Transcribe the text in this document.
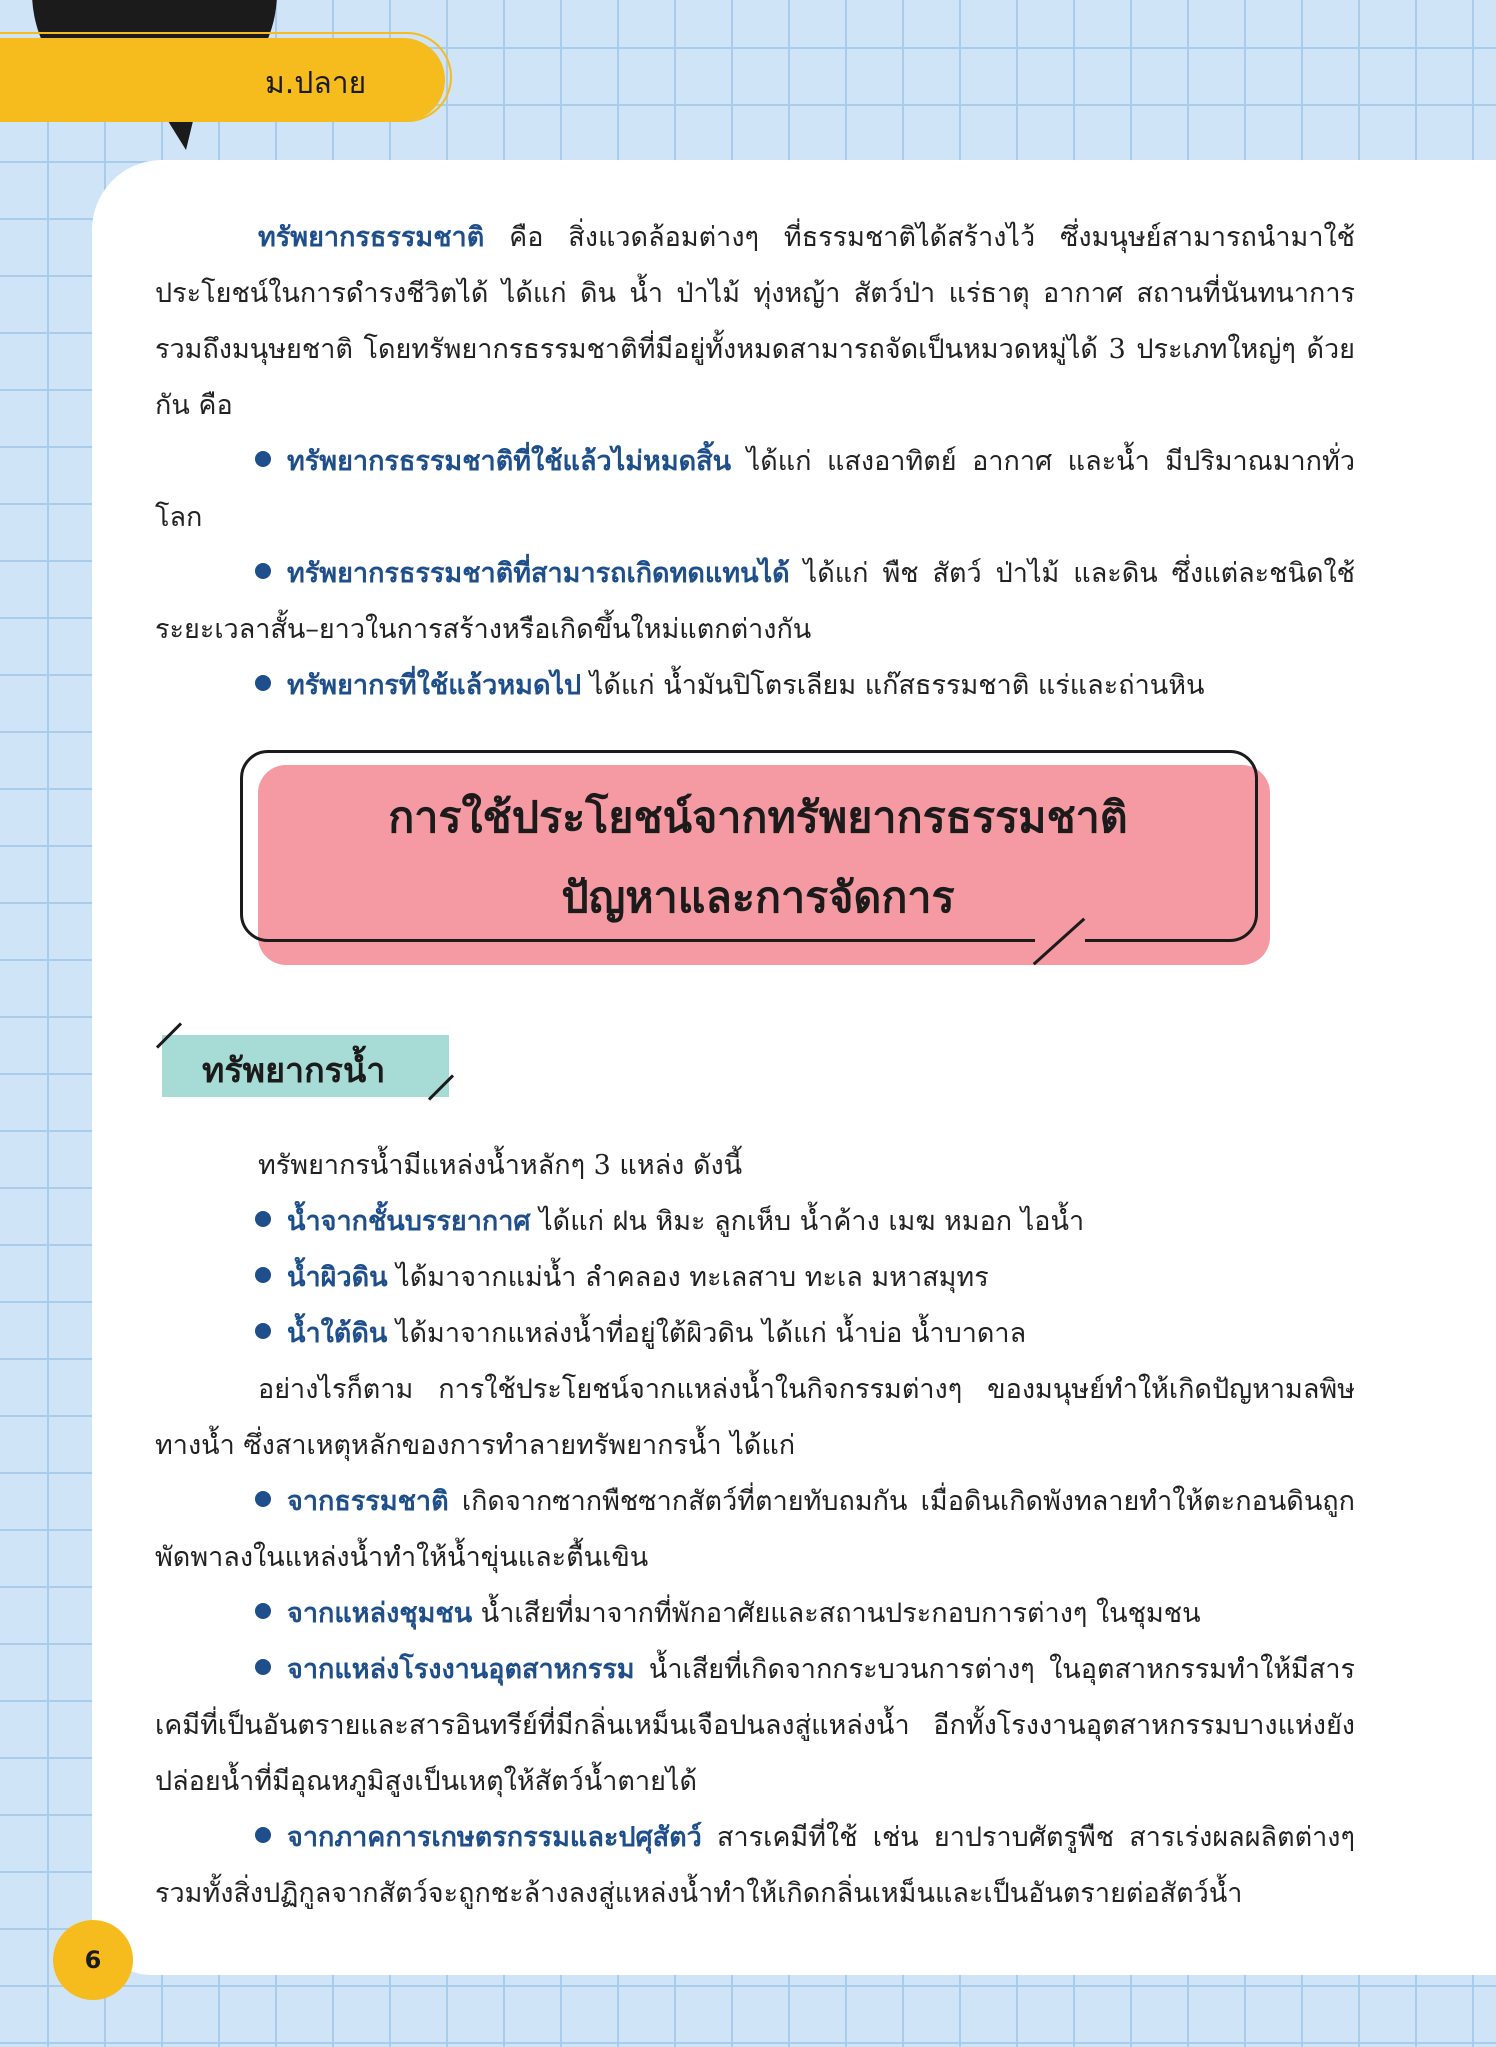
BIOLOGY ม.ปลาย

ทรัพยากรธรรมชาติ คือ สิ่งแวดล้อมต่างๆ ที่ธรรมชาติได้สร้างไว้ ซึ่งมนุษย์สามารถนำมาใช้ประโยชน์ในการดำรงชีวิตได้ ได้แก่ ดิน น้ำ ป่าไม้ ทุ่งหญ้า สัตว์ป่า แร่ธาตุ อากาศ สถานที่นันทนาการ รวมถึงมนุษยชาติ โดยทรัพยากรธรรมชาติที่มีอยู่ทั้งหมดสามารถจัดเป็นหมวดหมู่ได้ 3 ประเภทใหญ่ๆ ด้วยกัน คือ

ทรัพยากรธรรมชาติที่ใช้แล้วไม่หมดสิ้น ได้แก่ แสงอาทิตย์ อากาศ และน้ำ มีปริมาณมากทั่วโลก

ทรัพยากรธรรมชาติที่สามารถเกิดทดแทนได้ ได้แก่ พืช สัตว์ ป่าไม้ และดิน ซึ่งแต่ละชนิดใช้ระยะเวลาสั้น–ยาวในการสร้างหรือเกิดขึ้นใหม่แตกต่างกัน

ทรัพยากรที่ใช้แล้วหมดไป ได้แก่ น้ำมันปิโตรเลียม แก๊สธรรมชาติ แร่และถ่านหิน

การใช้ประโยชน์จากทรัพยากรธรรมชาติ
ปัญหาและการจัดการ
ทรัพยากรน้ำ

ทรัพยากรน้ำมีแหล่งน้ำหลักๆ 3 แหล่ง ดังนี้

น้ำจากชั้นบรรยากาศ ได้แก่ ฝน หิมะ ลูกเห็บ น้ำค้าง เมฆ หมอก ไอน้ำ

น้ำผิวดิน ได้มาจากแม่น้ำ ลำคลอง ทะเลสาบ ทะเล มหาสมุทร

น้ำใต้ดิน ได้มาจากแหล่งน้ำที่อยู่ใต้ผิวดิน ได้แก่ น้ำบ่อ น้ำบาดาล

อย่างไรก็ตาม การใช้ประโยชน์จากแหล่งน้ำในกิจกรรมต่างๆ ของมนุษย์ทำให้เกิดปัญหามลพิษทางน้ำ ซึ่งสาเหตุหลักของการทำลายทรัพยากรน้ำ ได้แก่

จากธรรมชาติ เกิดจากซากพืชซากสัตว์ที่ตายทับถมกัน เมื่อดินเกิดพังทลายทำให้ตะกอนดินถูกพัดพาลงในแหล่งน้ำทำให้น้ำขุ่นและตื้นเขิน

จากแหล่งชุมชน น้ำเสียที่มาจากที่พักอาศัยและสถานประกอบการต่างๆ ในชุมชน

จากแหล่งโรงงานอุตสาหกรรม น้ำเสียที่เกิดจากกระบวนการต่างๆ ในอุตสาหกรรมทำให้มีสารเคมีที่เป็นอันตรายและสารอินทรีย์ที่มีกลิ่นเหม็นเจือปนลงสู่แหล่งน้ำ อีกทั้งโรงงานอุตสาหกรรมบางแห่งยังปล่อยน้ำที่มีอุณหภูมิสูงเป็นเหตุให้สัตว์น้ำตายได้

จากภาคการเกษตรกรรมและปศุสัตว์ สารเคมีที่ใช้ เช่น ยาปราบศัตรูพืช สารเร่งผลผลิตต่างๆ รวมทั้งสิ่งปฏิกูลจากสัตว์จะถูกชะล้างลงสู่แหล่งน้ำทำให้เกิดกลิ่นเหม็นและเป็นอันตรายต่อสัตว์น้ำ

6
